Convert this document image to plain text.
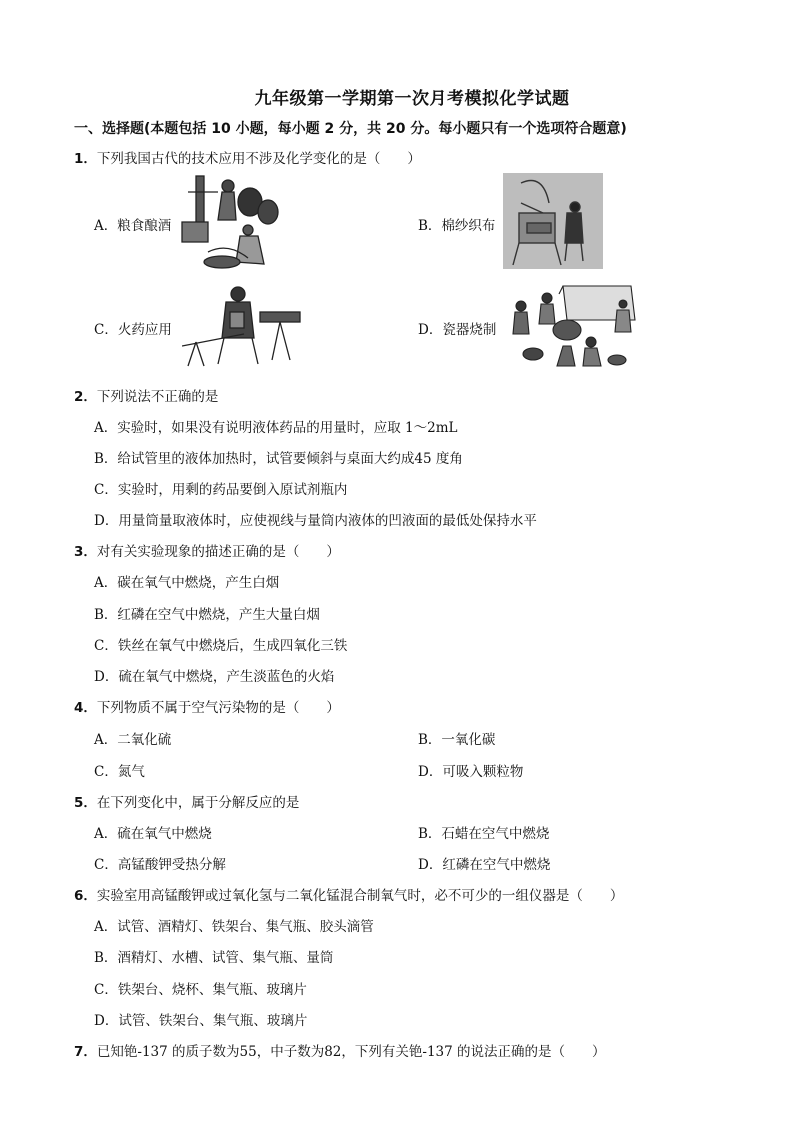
九年级第一学期第一次月考模拟化学试题
一、选择题(本题包括 10 小题，每小题 2 分，共 20 分。每小题只有一个选项符合题意)
1．下列我国古代的技术应用不涉及化学变化的是（　　）
A．粮食酿酒	B．棉纱织布
C．火药应用	D．瓷器烧制
2．下列说法不正确的是
A．实验时，如果没有说明液体药品的用量时，应取 1～2mL
B．给试管里的液体加热时，试管要倾斜与桌面大约成45 度角
C．实验时，用剩的药品要倒入原试剂瓶内
D．用量筒量取液体时，应使视线与量筒内液体的凹液面的最低处保持水平
3．对有关实验现象的描述正确的是（　　）
A．碳在氧气中燃烧，产生白烟
B．红磷在空气中燃烧，产生大量白烟
C．铁丝在氧气中燃烧后，生成四氧化三铁
D．硫在氧气中燃烧，产生淡蓝色的火焰
4．下列物质不属于空气污染物的是（　　）
A．二氧化硫	B．一氧化碳
C．氮气	D．可吸入颗粒物
5．在下列变化中，属于分解反应的是
A．硫在氧气中燃烧	B．石蜡在空气中燃烧
C．高锰酸钾受热分解	D．红磷在空气中燃烧
6．实验室用高锰酸钾或过氧化氢与二氧化锰混合制氧气时，必不可少的一组仪器是（　　）
A．试管、酒精灯、铁架台、集气瓶、胶头滴管
B．酒精灯、水槽、试管、集气瓶、量筒
C．铁架台、烧杯、集气瓶、玻璃片
D．试管、铁架台、集气瓶、玻璃片
7．已知铯-137 的质子数为55，中子数为82，下列有关铯-137 的说法正确的是（　　）
